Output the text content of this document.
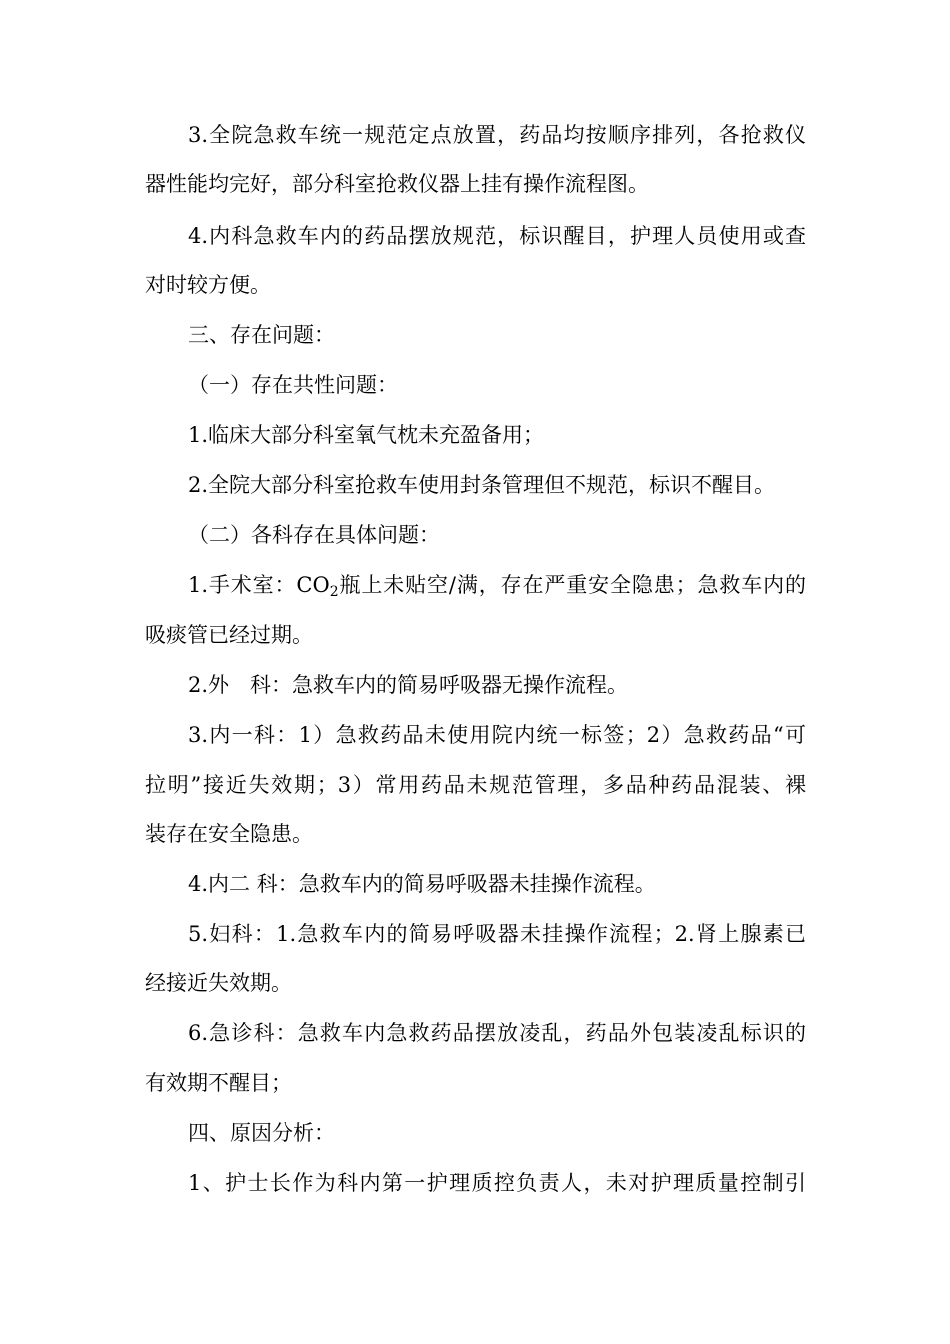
3.全院急救车统一规范定点放置，药品均按顺序排列，各抢救仪
器性能均完好，部分科室抢救仪器上挂有操作流程图。
4.内科急救车内的药品摆放规范，标识醒目，护理人员使用或查
对时较方便。
三、存在问题：
（一）存在共性问题：
1.临床大部分科室氧气枕未充盈备用；
2.全院大部分科室抢救车使用封条管理但不规范，标识不醒目。
（二）各科存在具体问题：
1.手术室：$CO_2$瓶上未贴空/满，存在严重安全隐患；急救车内的
吸痰管已经过期。
2.外　科：急救车内的简易呼吸器无操作流程。
3.内一科：1）急救药品未使用院内统一标签；2）急救药品“可
拉明”接近失效期；3）常用药品未规范管理，多品种药品混装、裸
装存在安全隐患。
4.内二 科：急救车内的简易呼吸器未挂操作流程。
5.妇科：1.急救车内的简易呼吸器未挂操作流程；2.肾上腺素已
经接近失效期。
6.急诊科：急救车内急救药品摆放凌乱，药品外包装凌乱标识的
有效期不醒目；
四、原因分析：
1、护士长作为科内第一护理质控负责人，未对护理质量控制引
